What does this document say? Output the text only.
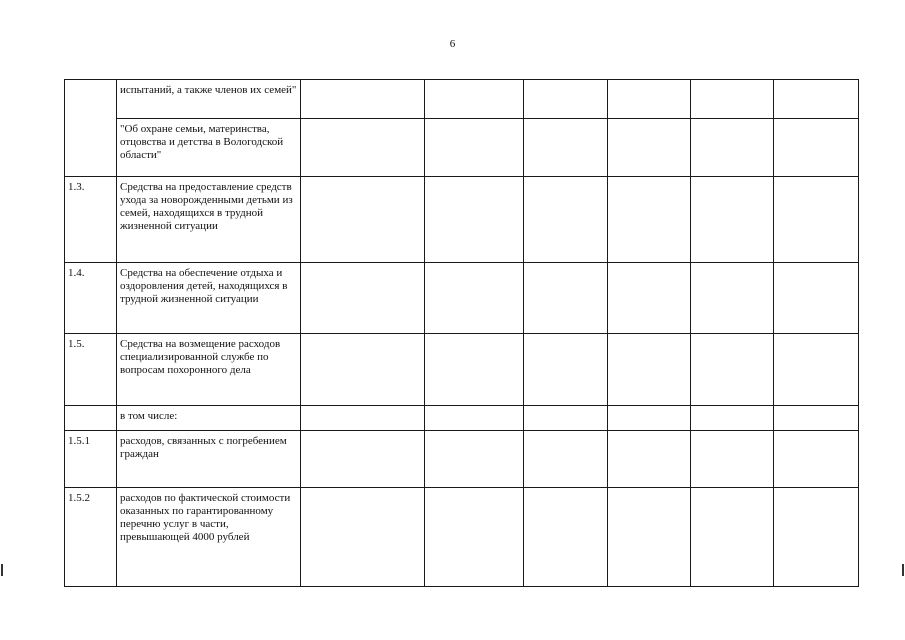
6
	испытаний, а также членов их семей"						
	"Об охране семьи, материнства, отцовства и детства в Вологодской области"						
1.3.	Средства на предоставление средств ухода за новорожденными детьми из семей, находящихся в трудной жизненной ситуации						
1.4.	Средства на обеспечение отдыха и оздоровления детей, находящихся в трудной жизненной ситуации						
1.5.	Средства на возмещение расходов специализированной службе по вопросам похоронного дела						
	в том числе:						
1.5.1	расходов, связанных с погребением граждан						
1.5.2	расходов по фактической стоимости оказанных по гарантированному перечню услуг в части, превышающей 4000 рублей						
